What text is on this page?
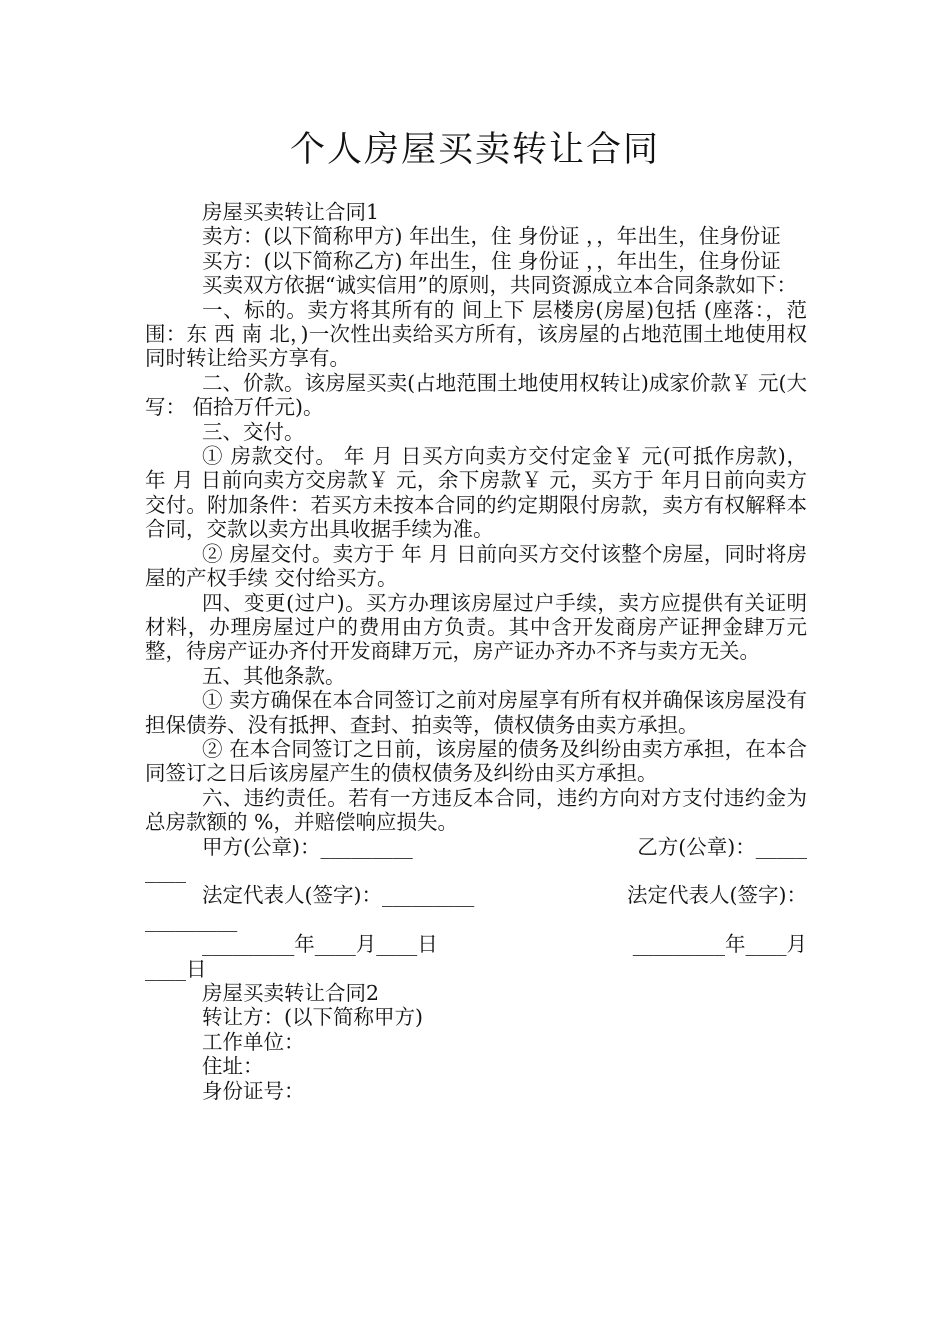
个人房屋买卖转让合同

房屋买卖转让合同1

卖方：(以下简称甲方) 年出生，住 身份证 ，，年出生，住身份证

买方：(以下简称乙方) 年出生，住 身份证 ，，年出生，住身份证

买卖双方依据“诚实信用”的原则，共同资源成立本合同条款如下：

一、标的。卖方将其所有的 间上下 层楼房(房屋)包括 (座落：，范围：东 西 南 北，)一次性出卖给买方所有，该房屋的占地范围土地使用权同时转让给买方享有。

二、价款。该房屋买卖(占地范围土地使用权转让)成家价款￥ 元(大写： 佰拾万仟元)。

三、交付。

① 房款交付。 年 月 日买方向卖方交付定金￥ 元(可抵作房款)， 年 月 日前向卖方交房款￥ 元，余下房款￥ 元，买方于 年月日前向卖方交付。附加条件：若买方未按本合同的约定期限付房款，卖方有权解释本合同，交款以卖方出具收据手续为准。

② 房屋交付。卖方于 年 月 日前向买方交付该整个房屋，同时将房屋的产权手续 交付给买方。

四、变更(过户)。买方办理该房屋过户手续，卖方应提供有关证明材料，办理房屋过户的费用由方负责。其中含开发商房产证押金肆万元整，待房产证办齐付开发商肆万元，房产证办齐办不齐与卖方无关。

五、其他条款。

① 卖方确保在本合同签订之前对房屋享有所有权并确保该房屋没有担保债券、没有抵押、查封、拍卖等，债权债务由卖方承担。

② 在本合同签订之日前，该房屋的债务及纠纷由卖方承担，在本合同签订之日后该房屋产生的债权债务及纠纷由买方承担。

六、违约责任。若有一方违反本合同，违约方向对方支付违约金为总房款额的 %，并赔偿响应损失。

甲方(公章)：_________	乙方(公章)：_____

____

法定代表人(签字)：_________	法定代表人(签字)：

_________

_________年____月____日	_________年____月

____日

房屋买卖转让合同2

转让方：(以下简称甲方)

工作单位：

住址：

身份证号：
